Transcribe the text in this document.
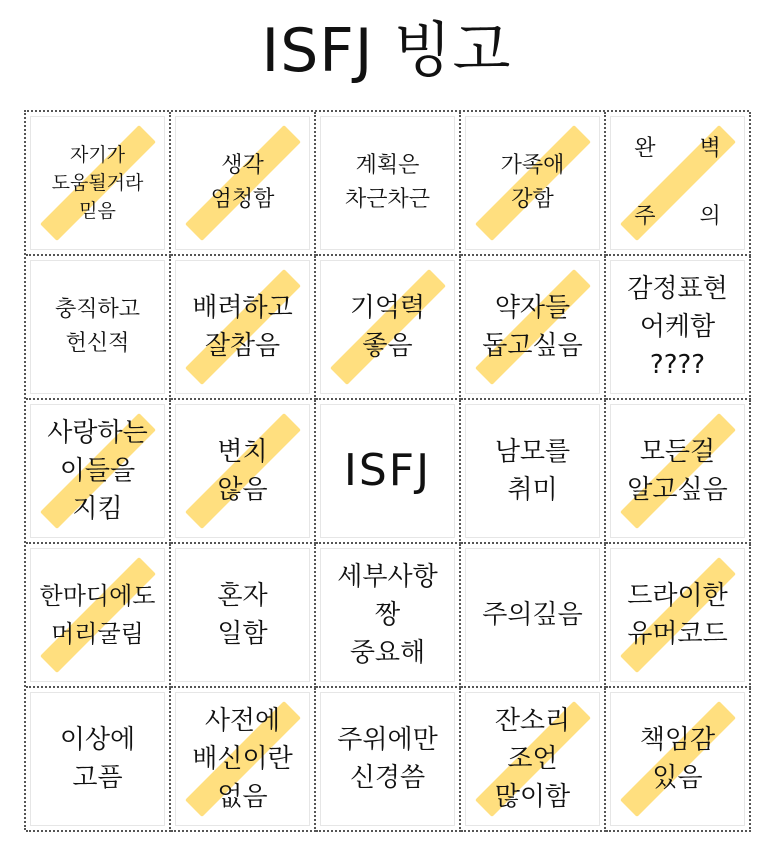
ISFJ 빙고
자기가
도움될거라
믿음
생각
엄청함
계획은
차근차근
가족애
강함
완　　벽

주　　의
충직하고
헌신적
배려하고
잘참음
기억력
좋음
약자들
돕고싶음
감정표현
어케함
????
사랑하는
이들을
지킴
변치
않음 ISFJ 남모를
취미
모든걸
알고싶음
한마디에도
머리굴림
혼자
일함
세부사항
짱
중요해
주의깊음
드라이한
유머코드
이상에
고픔
사전에
배신이란
없음
주위에만
신경씀
잔소리
조언
많이함
책임감
있음
